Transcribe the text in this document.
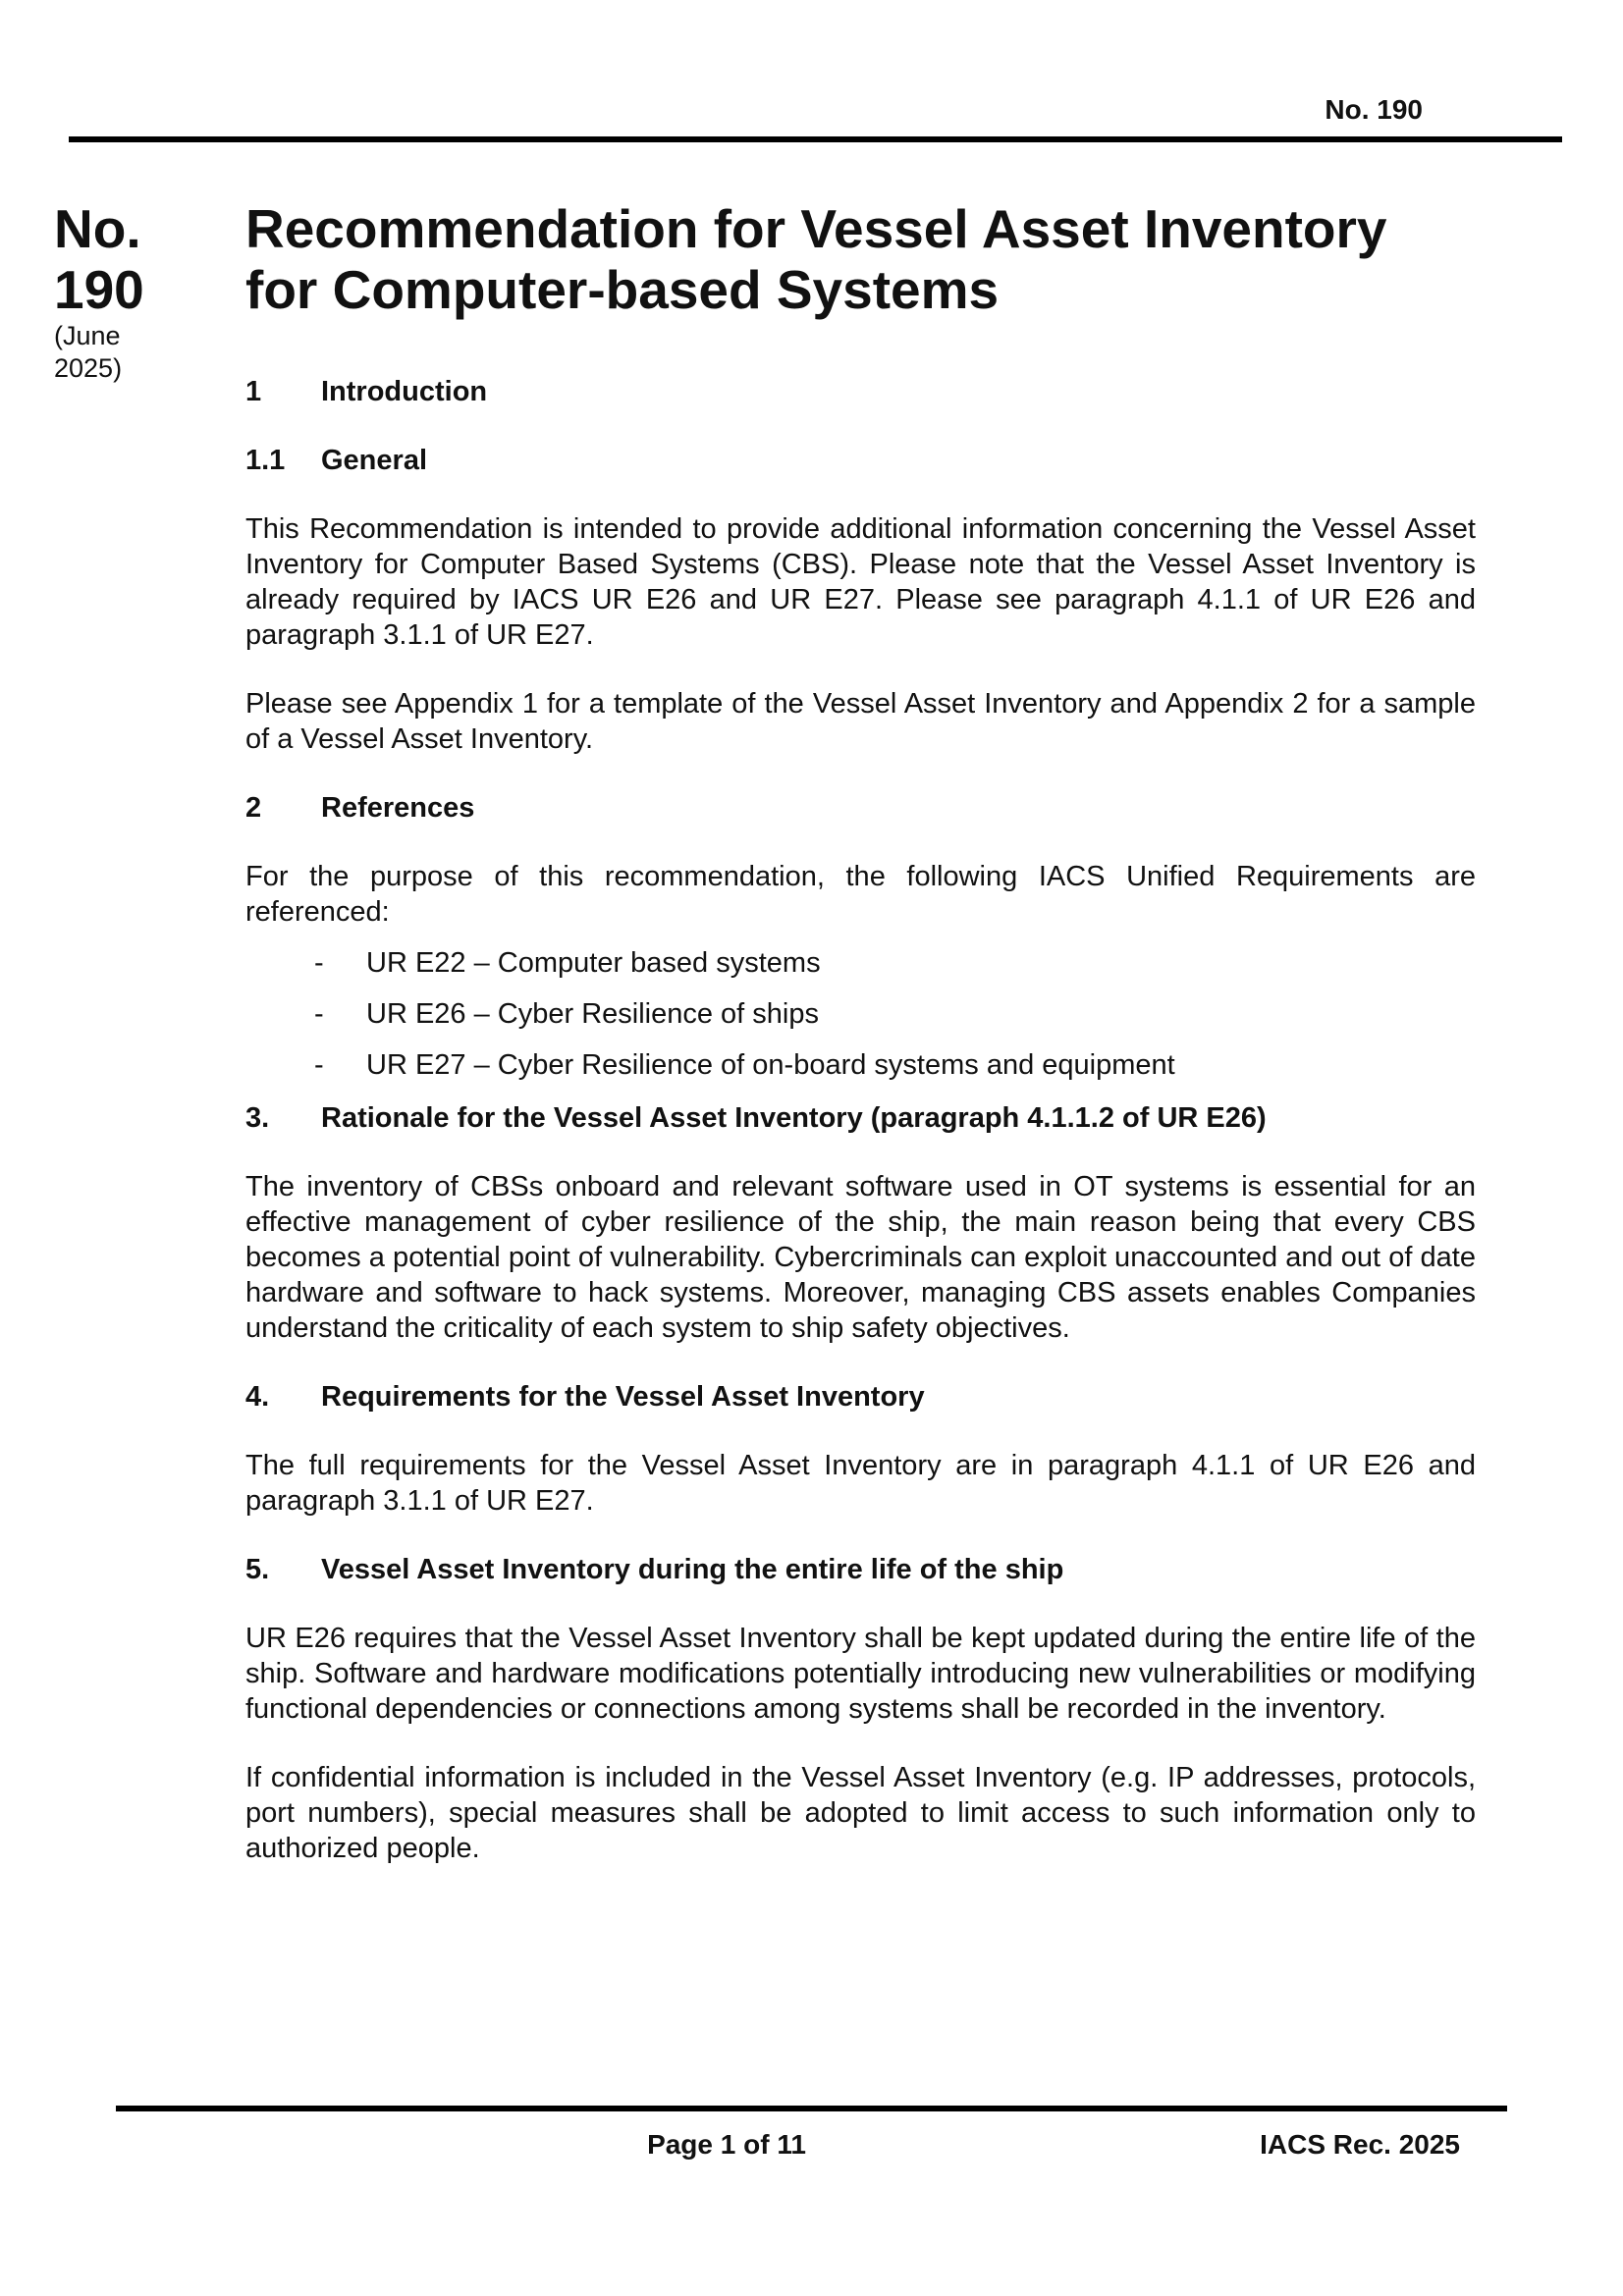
No. 190
No.
190
(June
2025)
Recommendation for Vessel Asset Inventory
for Computer-based Systems
1	Introduction
1.1	General

This Recommendation is intended to provide additional information concerning the Vessel Asset Inventory for Computer Based Systems (CBS). Please note that the Vessel Asset Inventory is already required by IACS UR E26 and UR E27. Please see paragraph 4.1.1 of UR E26 and paragraph 3.1.1 of UR E27.

Please see Appendix 1 for a template of the Vessel Asset Inventory and Appendix 2 for a sample of a Vessel Asset Inventory.

2	References

For the purpose of this recommendation, the following IACS Unified Requirements are referenced:

-	UR E22 – Computer based systems
-	UR E26 – Cyber Resilience of ships
-	UR E27 – Cyber Resilience of on-board systems and equipment
3.	Rationale for the Vessel Asset Inventory (paragraph 4.1.1.2 of UR E26)

The inventory of CBSs onboard and relevant software used in OT systems is essential for an effective management of cyber resilience of the ship, the main reason being that every CBS becomes a potential point of vulnerability. Cybercriminals can exploit unaccounted and out of date hardware and software to hack systems. Moreover, managing CBS assets enables Companies understand the criticality of each system to ship safety objectives.

4.	Requirements for the Vessel Asset Inventory

The full requirements for the Vessel Asset Inventory are in paragraph 4.1.1 of UR E26 and paragraph 3.1.1 of UR E27.

5.	Vessel Asset Inventory during the entire life of the ship

UR E26 requires that the Vessel Asset Inventory shall be kept updated during the entire life of the ship. Software and hardware modifications potentially introducing new vulnerabilities or modifying functional dependencies or connections among systems shall be recorded in the inventory.

If confidential information is included in the Vessel Asset Inventory (e.g. IP addresses, protocols, port numbers), special measures shall be adopted to limit access to such information only to authorized people.

Page 1 of 11	IACS Rec. 2025
